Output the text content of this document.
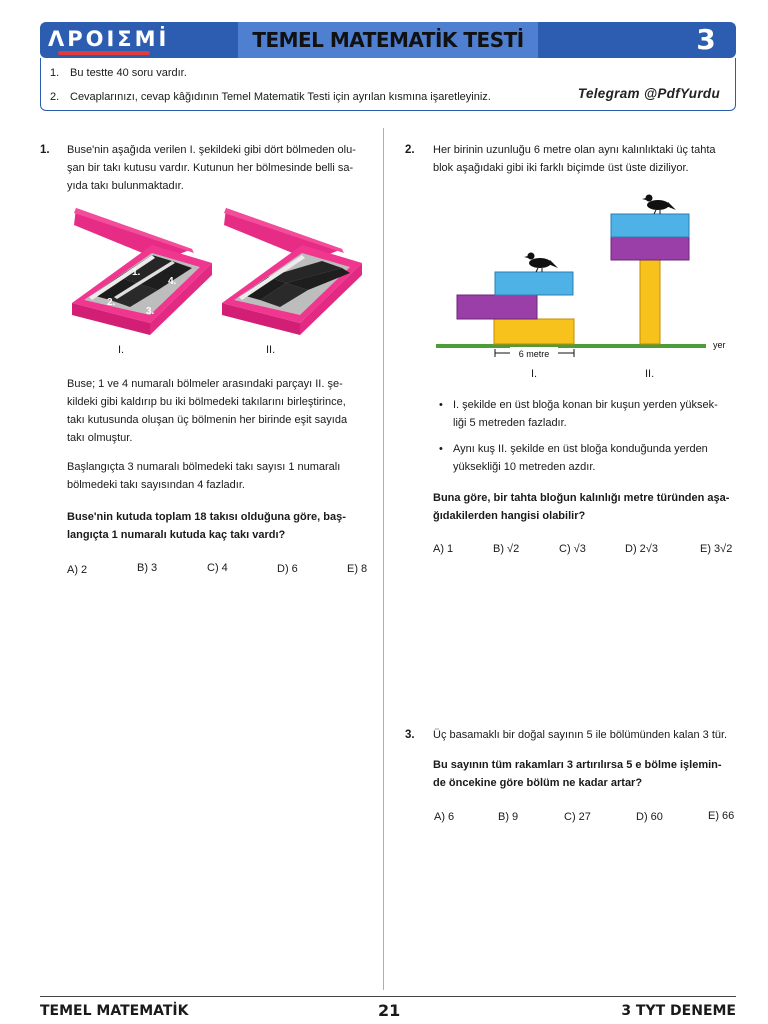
ΛPOΙΣMİ	TEMEL MATEMATİK TESTİ	3
1. Bu testte 40 soru vardır.
2. Cevaplarınızı, cevap kâğıdının Temel Matematik Testi için ayrılan kısmına işaretleyiniz.	Telegram @PdfYurdu
1. Buse'nin aşağıda verilen I. şekildeki gibi dört bölmeden olu-
şan bir takı kutusu vardır. Kutunun her bölmesinde belli sa-
yıda takı bulunmaktadır.
1.
4.
2.
3.
I.	II.
Buse; 1 ve 4 numaralı bölmeler arasındaki parçayı II. şe-
kildeki gibi kaldırıp bu iki bölmedeki takılarını birleştirince,
takı kutusunda oluşan üç bölmenin her birinde eşit sayıda
takı olmuştur.
Başlangıçta 3 numaralı bölmedeki takı sayısı 1 numaralı
bölmedeki takı sayısından 4 fazladır.
Buse'nin kutuda toplam 18 takısı olduğuna göre, baş-
langıçta 1 numaralı kutuda kaç takı vardı?
A) 2	B) 3	C) 4	D) 6	E) 8
2. Her birinin uzunluğu 6 metre olan aynı kalınlıktaki üç tahta
blok aşağıdaki gibi iki farklı biçimde üst üste diziliyor.
6 metre
yer
I.	II.
• I. şekilde en üst bloğa konan bir kuşun yerden yüksek-
liği 5 metreden fazladır.
• Aynı kuş II. şekilde en üst bloğa konduğunda yerden
yüksekliği 10 metreden azdır.
Buna göre, bir tahta bloğun kalınlığı metre türünden aşa-
ğıdakilerden hangisi olabilir?
A) 1	B) √2	C) √3	D) 2√3	E) 3√2
3. Üç basamaklı bir doğal sayının 5 ile bölümünden kalan 3 tür.
Bu sayının tüm rakamları 3 artırılırsa 5 e bölme işlemin-
de öncekine göre bölüm ne kadar artar?
A) 6	B) 9	C) 27	D) 60	E) 66
TEMEL MATEMATİK	21	3 TYT DENEME
